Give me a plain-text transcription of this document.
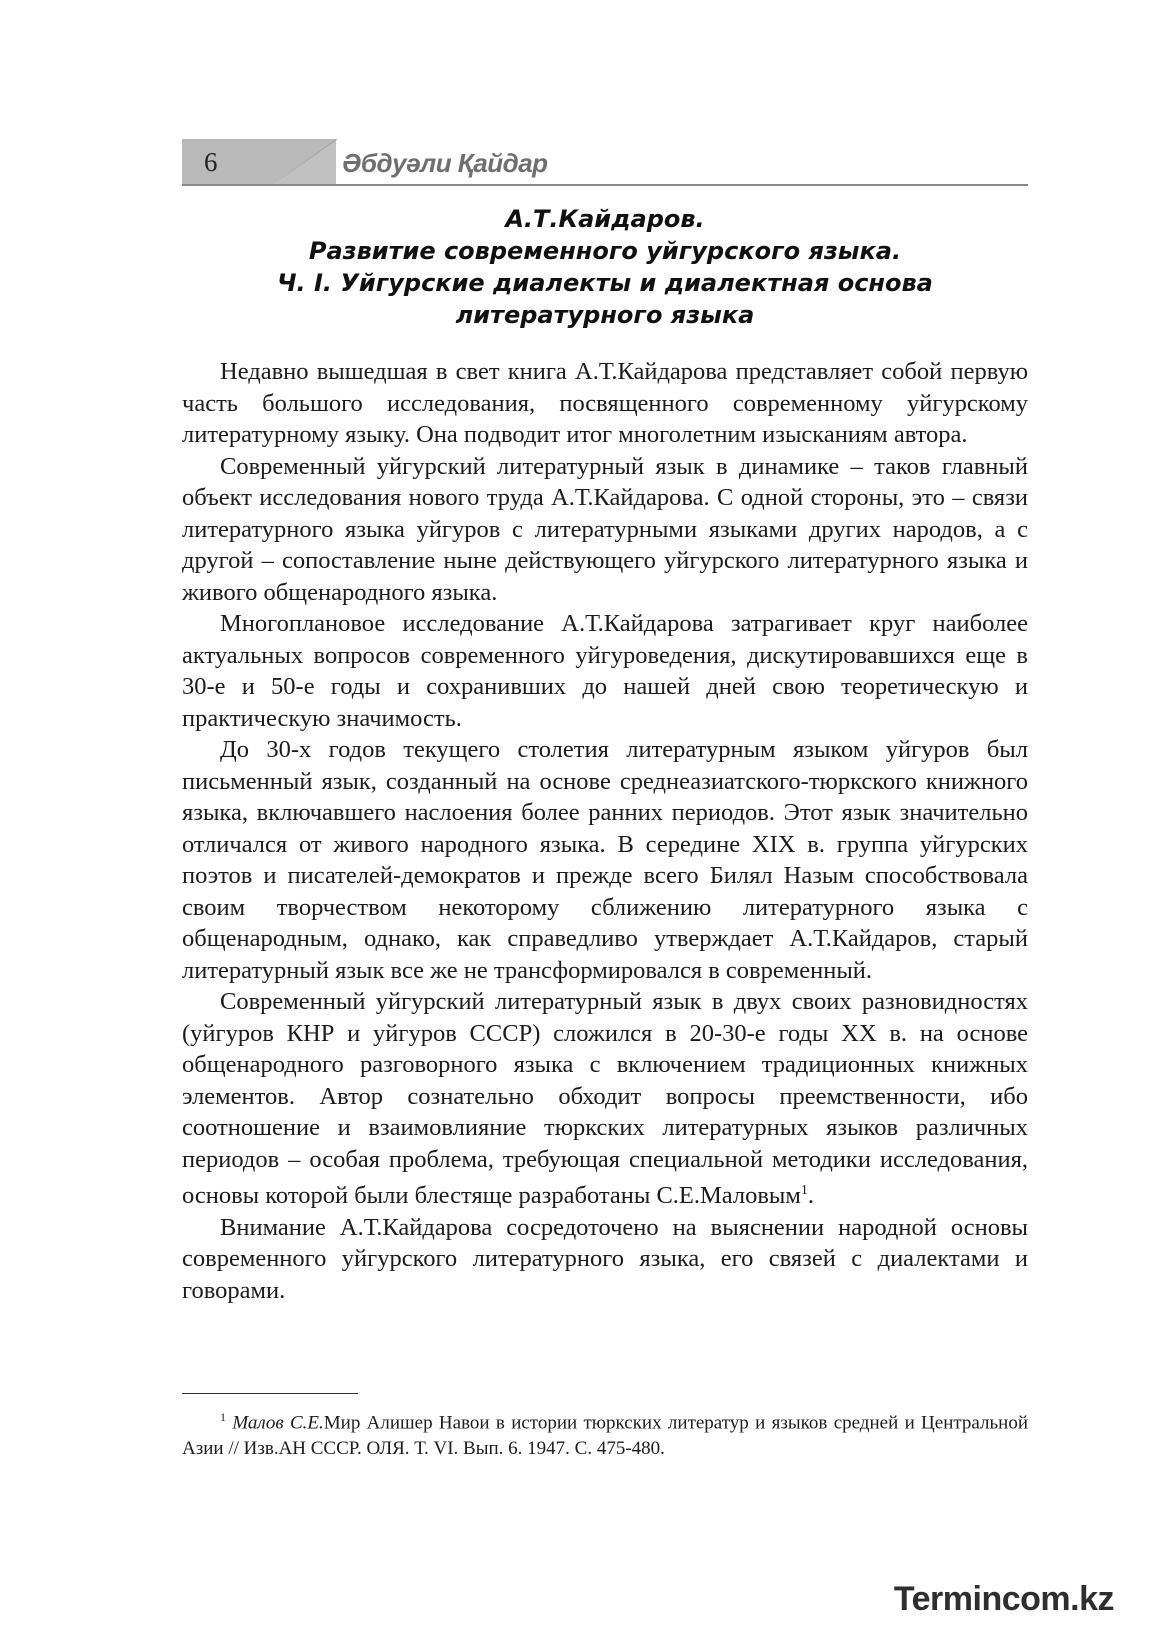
6	Әбдуәли Қайдар
А.Т.Кайдаров.
Развитие современного уйгурского языка.
Ч. I. Уйгурские диалекты и диалектная основа
литературного языка

Недавно вышедшая в свет книга А.Т.Кайдарова представляет собой первую часть большого исследования, посвященного современному уйгурскому литературному языку. Она подводит итог многолетним изысканиям автора.

Современный уйгурский литературный язык в динамике – таков главный объект исследования нового труда А.Т.Кайдарова. С одной стороны, это – связи литературного языка уйгуров с литературными языками других народов, а с другой – сопоставление ныне действующего уйгурского литературного языка и живого общенародного языка.

Многоплановое исследование А.Т.Кайдарова затрагивает круг наиболее актуальных вопросов современного уйгуроведения, дискутировавшихся еще в 30-е и 50-е годы и сохранивших до нашей дней свою теоретическую и практическую значимость.

До 30-х годов текущего столетия литературным языком уйгуров был письменный язык, созданный на основе среднеазиатского-тюркского книжного языка, включавшего наслоения более ранних периодов. Этот язык значительно отличался от живого народного языка. В середине XIX в. группа уйгурских поэтов и писателей-демократов и прежде всего Билял Назым способствовала своим творчеством некоторому сближению литературного языка с общенародным, однако, как справедливо утверждает А.Т.Кайдаров, старый литературный язык все же не трансформировался в современный.

Современный уйгурский литературный язык в двух своих разновидностях (уйгуров КНР и уйгуров СССР) сложился в 20-30-е годы XX в. на основе общенародного разговорного языка с включением традиционных книжных элементов. Автор сознательно обходит вопросы преемственности, ибо соотношение и взаимовлияние тюркских литературных языков различных периодов – особая проблема, требующая специальной методики исследования, основы которой были блестяще разработаны С.Е.Маловым$^1$.

Внимание А.Т.Кайдарова сосредоточено на выяснении народной основы современного уйгурского литературного языка, его связей с диалектами и говорами.

$^1$ Малов С.Е.Мир Алишер Навои в истории тюркских литератур и языков средней и Центральной Азии // Изв.АН СССР. ОЛЯ. Т. VI. Вып. 6. 1947. С. 475-480.
Termincom.kz
